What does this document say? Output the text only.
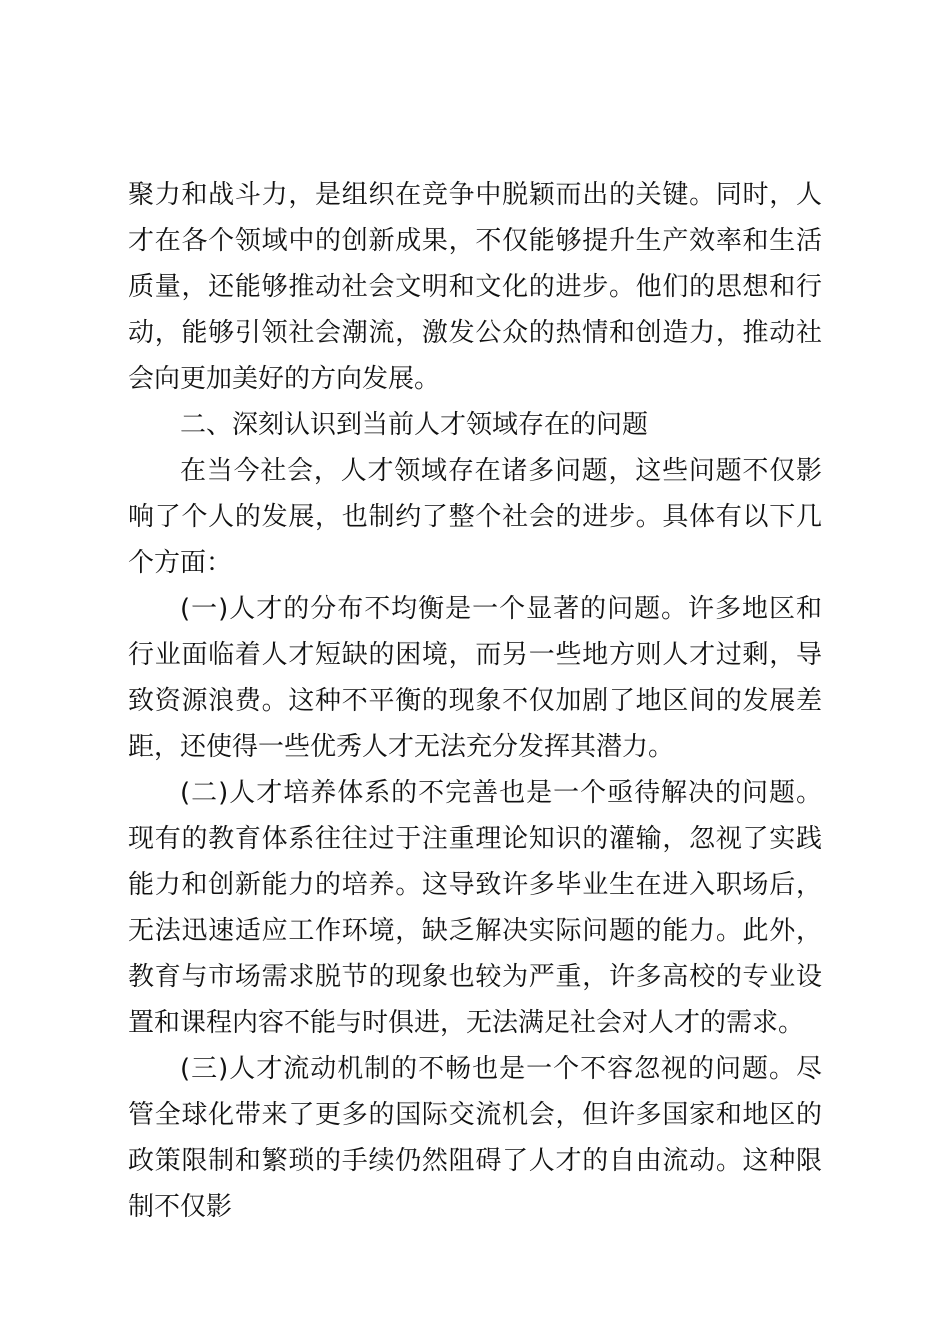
聚力和战斗力，是组织在竞争中脱颖而出的关键。同时，人才在各个领域中的创新成果，不仅能够提升生产效率和生活质量，还能够推动社会文明和文化的进步。他们的思想和行动，能够引领社会潮流，激发公众的热情和创造力，推动社会向更加美好的方向发展。

二、深刻认识到当前人才领域存在的问题

在当今社会，人才领域存在诸多问题，这些问题不仅影响了个人的发展，也制约了整个社会的进步。具体有以下几个方面：

(一)人才的分布不均衡是一个显著的问题。许多地区和行业面临着人才短缺的困境，而另一些地方则人才过剩，导致资源浪费。这种不平衡的现象不仅加剧了地区间的发展差距，还使得一些优秀人才无法充分发挥其潜力。

(二)人才培养体系的不完善也是一个亟待解决的问题。现有的教育体系往往过于注重理论知识的灌输，忽视了实践能力和创新能力的培养。这导致许多毕业生在进入职场后，无法迅速适应工作环境，缺乏解决实际问题的能力。此外，教育与市场需求脱节的现象也较为严重，许多高校的专业设置和课程内容不能与时俱进，无法满足社会对人才的需求。

(三)人才流动机制的不畅也是一个不容忽视的问题。尽管全球化带来了更多的国际交流机会，但许多国家和地区的政策限制和繁琐的手续仍然阻碍了人才的自由流动。这种限制不仅影
